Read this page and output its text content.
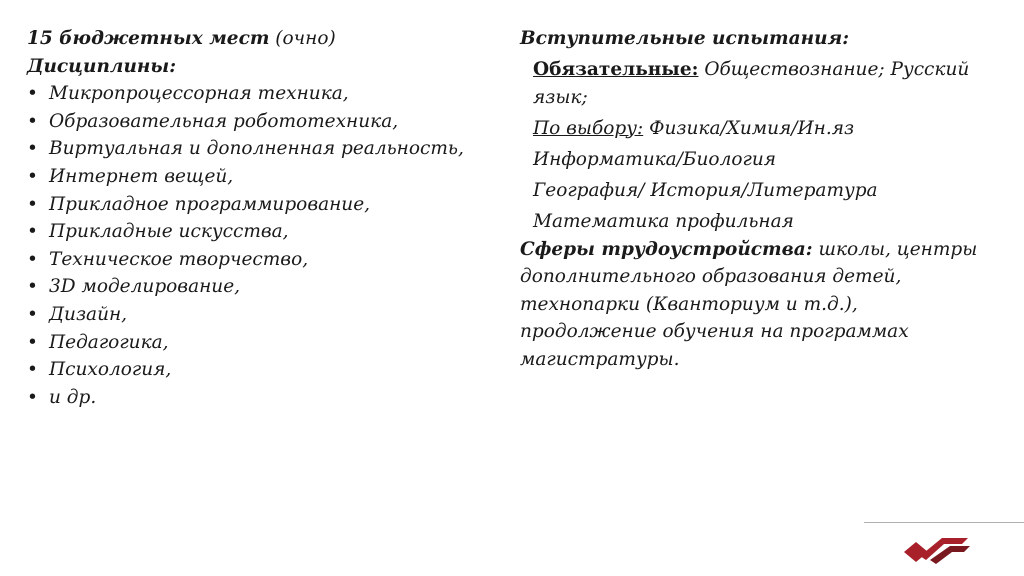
15 бюджетных мест (очно)
Дисциплины:
• Микропроцессорная техника,
• Образовательная робототехника,
• Виртуальная и дополненная реальность,
• Интернет вещей,
• Прикладное программирование,
• Прикладные искусства,
• Техническое творчество,
• 3D моделирование,
• Дизайн,
• Педагогика,
• Психология,
• и др.
Вступительные испытания:
Обязательные: Обществознание; Русский язык;
По выбору: Физика/Химия/Ин.яз
Информатика/Биология
География/ История/Литература
Математика профильная
Сферы трудоустройства: школы, центры дополнительного образования детей, технопарки (Кванториум и т.д.), продолжение обучения на программах магистратуры.
